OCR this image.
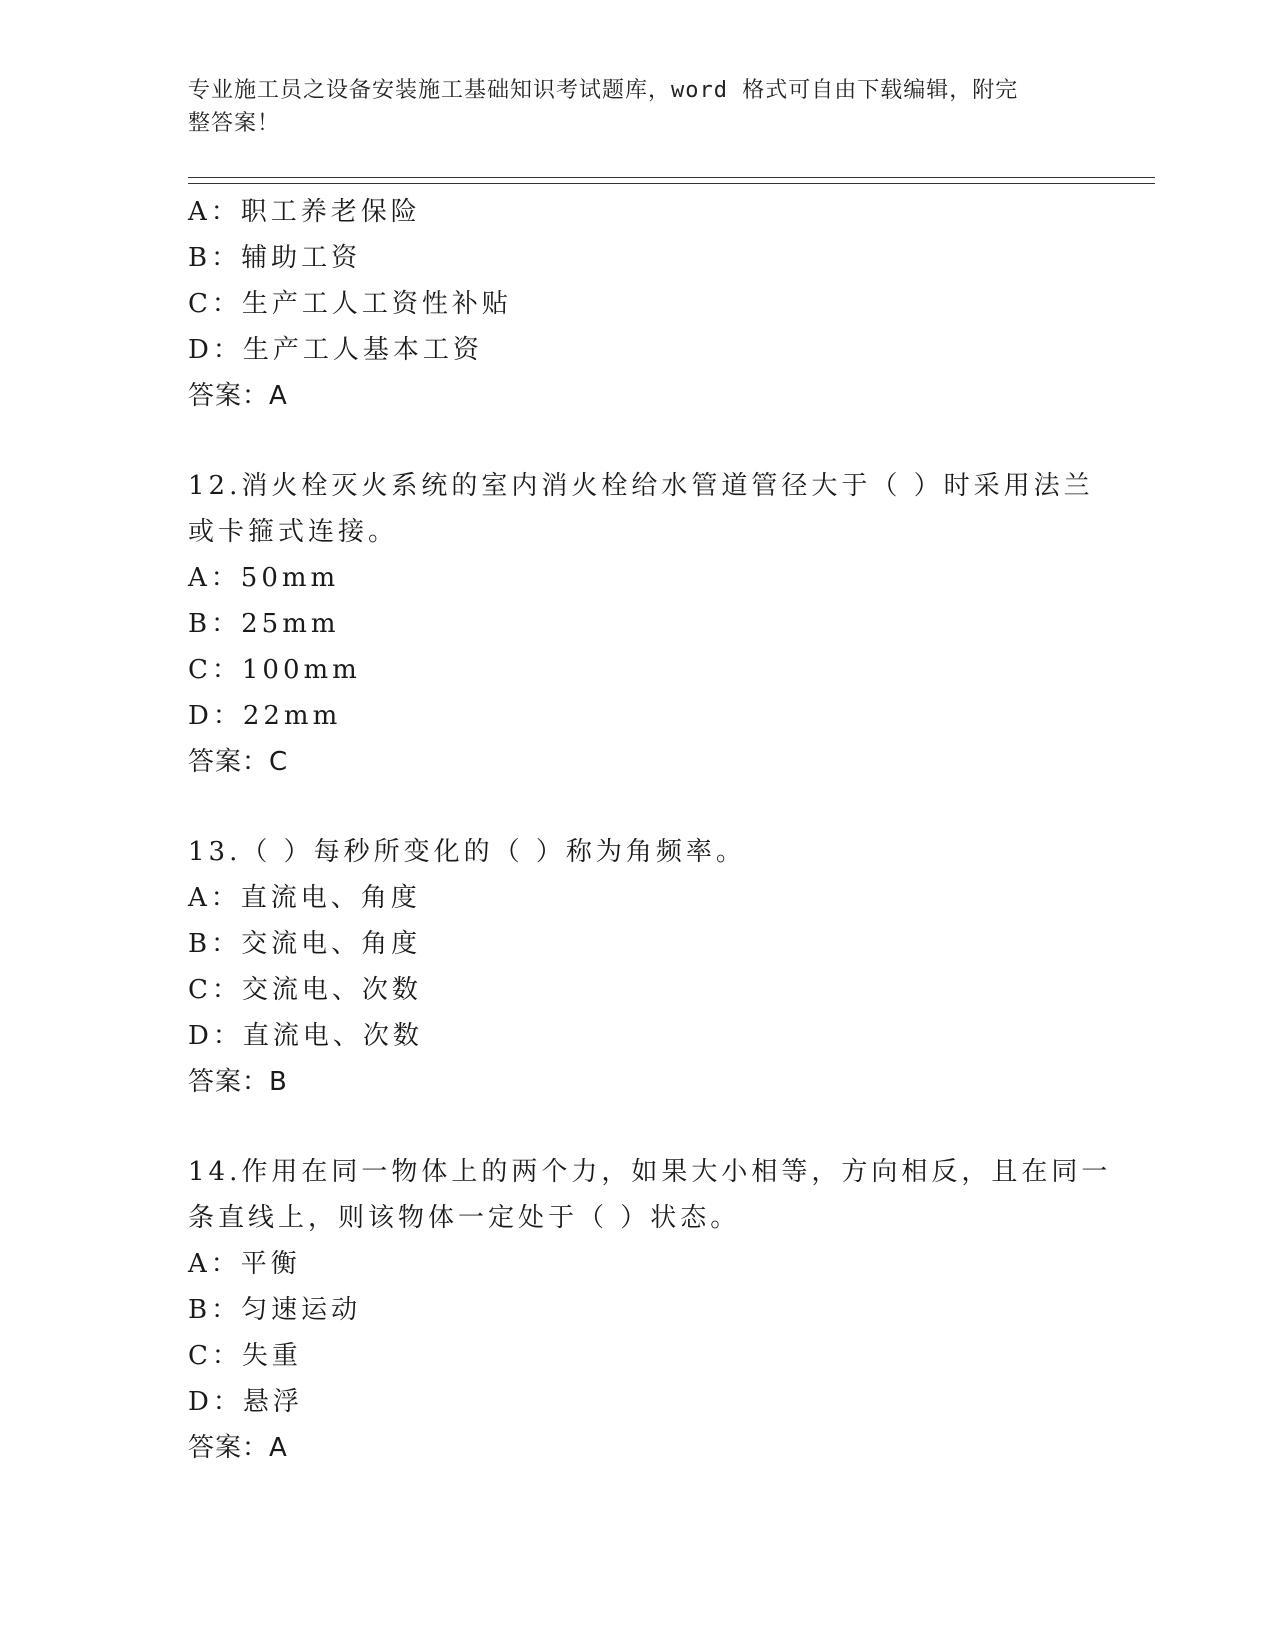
专业施工员之设备安装施工基础知识考试题库，word 格式可自由下载编辑，附完
整答案！
A：职工养老保险
B：辅助工资
C：生产工人工资性补贴
D：生产工人基本工资
答案：A
12.消火栓灭火系统的室内消火栓给水管道管径大于（ ）时采用法兰
或卡箍式连接。
A：50mm
B：25mm
C：100mm
D：22mm
答案：C
13.（ ）每秒所变化的（ ）称为角频率。
A：直流电、角度
B：交流电、角度
C：交流电、次数
D：直流电、次数
答案：B
14.作用在同一物体上的两个力，如果大小相等，方向相反，且在同一
条直线上，则该物体一定处于（ ）状态。
A：平衡
B：匀速运动
C：失重
D：悬浮
答案：A
